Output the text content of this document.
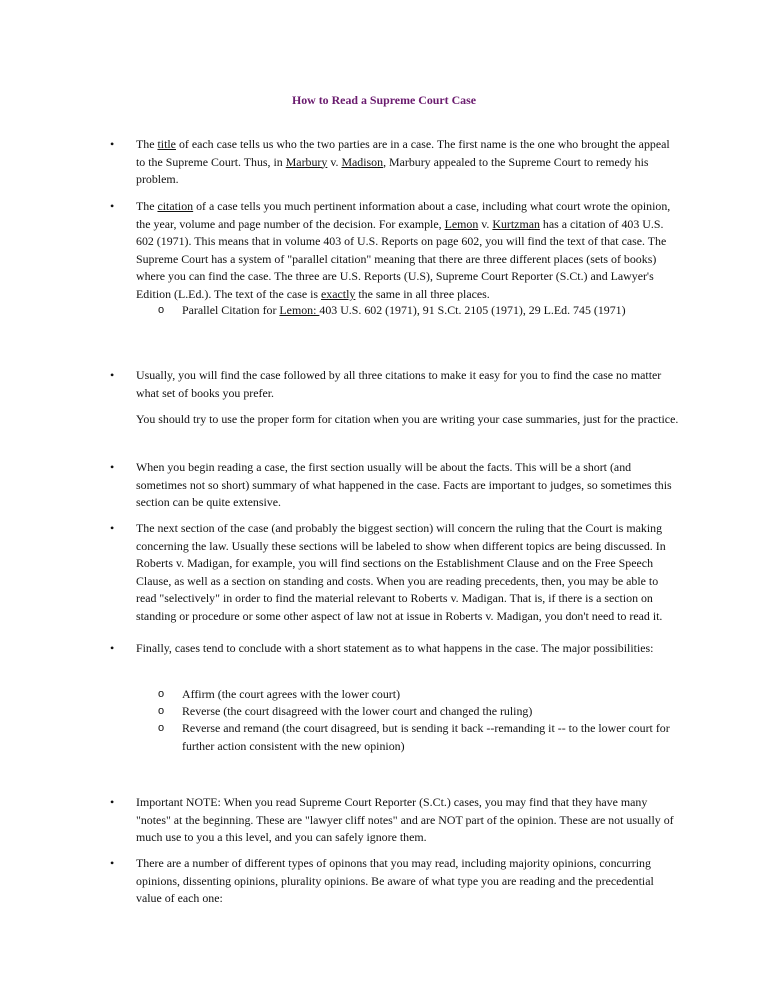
How to Read a Supreme Court Case
• The title of each case tells us who the two parties are in a case. The first name is the one who brought the appeal to the Supreme Court. Thus, in Marbury v. Madison, Marbury appealed to the Supreme Court to remedy his problem.

• The citation of a case tells you much pertinent information about a case, including what court wrote the opinion, the year, volume and page number of the decision. For example, Lemon v. Kurtzman has a citation of 403 U.S. 602 (1971). This means that in volume 403 of U.S. Reports on page 602, you will find the text of that case. The Supreme Court has a system of "parallel citation" meaning that there are three different places (sets of books) where you can find the case. The three are U.S. Reports (U.S), Supreme Court Reporter (S.Ct.) and Lawyer's Edition (L.Ed.). The text of the case is exactly the same in all three places.

o Parallel Citation for Lemon: 403 U.S. 602 (1971), 91 S.Ct. 2105 (1971), 29 L.Ed. 745 (1971)

• Usually, you will find the case followed by all three citations to make it easy for you to find the case no matter what set of books you prefer.

You should try to use the proper form for citation when you are writing your case summaries, just for the practice.

• When you begin reading a case, the first section usually will be about the facts. This will be a short (and sometimes not so short) summary of what happened in the case. Facts are important to judges, so sometimes this section can be quite extensive.

• The next section of the case (and probably the biggest section) will concern the ruling that the Court is making concerning the law. Usually these sections will be labeled to show when different topics are being discussed. In Roberts v. Madigan, for example, you will find sections on the Establishment Clause and on the Free Speech Clause, as well as a section on standing and costs. When you are reading precedents, then, you may be able to read "selectively" in order to find the material relevant to Roberts v. Madigan. That is, if there is a section on standing or procedure or some other aspect of law not at issue in Roberts v. Madigan, you don't need to read it.

• Finally, cases tend to conclude with a short statement as to what happens in the case. The major possibilities:

o Affirm (the court agrees with the lower court)

o Reverse (the court disagreed with the lower court and changed the ruling)

o Reverse and remand (the court disagreed, but is sending it back --remanding it -- to the lower court for further action consistent with the new opinion)

• Important NOTE: When you read Supreme Court Reporter (S.Ct.) cases, you may find that they have many "notes" at the beginning. These are "lawyer cliff notes" and are NOT part of the opinion. These are not usually of much use to you a this level, and you can safely ignore them.

• There are a number of different types of opinons that you may read, including majority opinions, concurring opinions, dissenting opinions, plurality opinions. Be aware of what type you are reading and the precedential value of each one:
